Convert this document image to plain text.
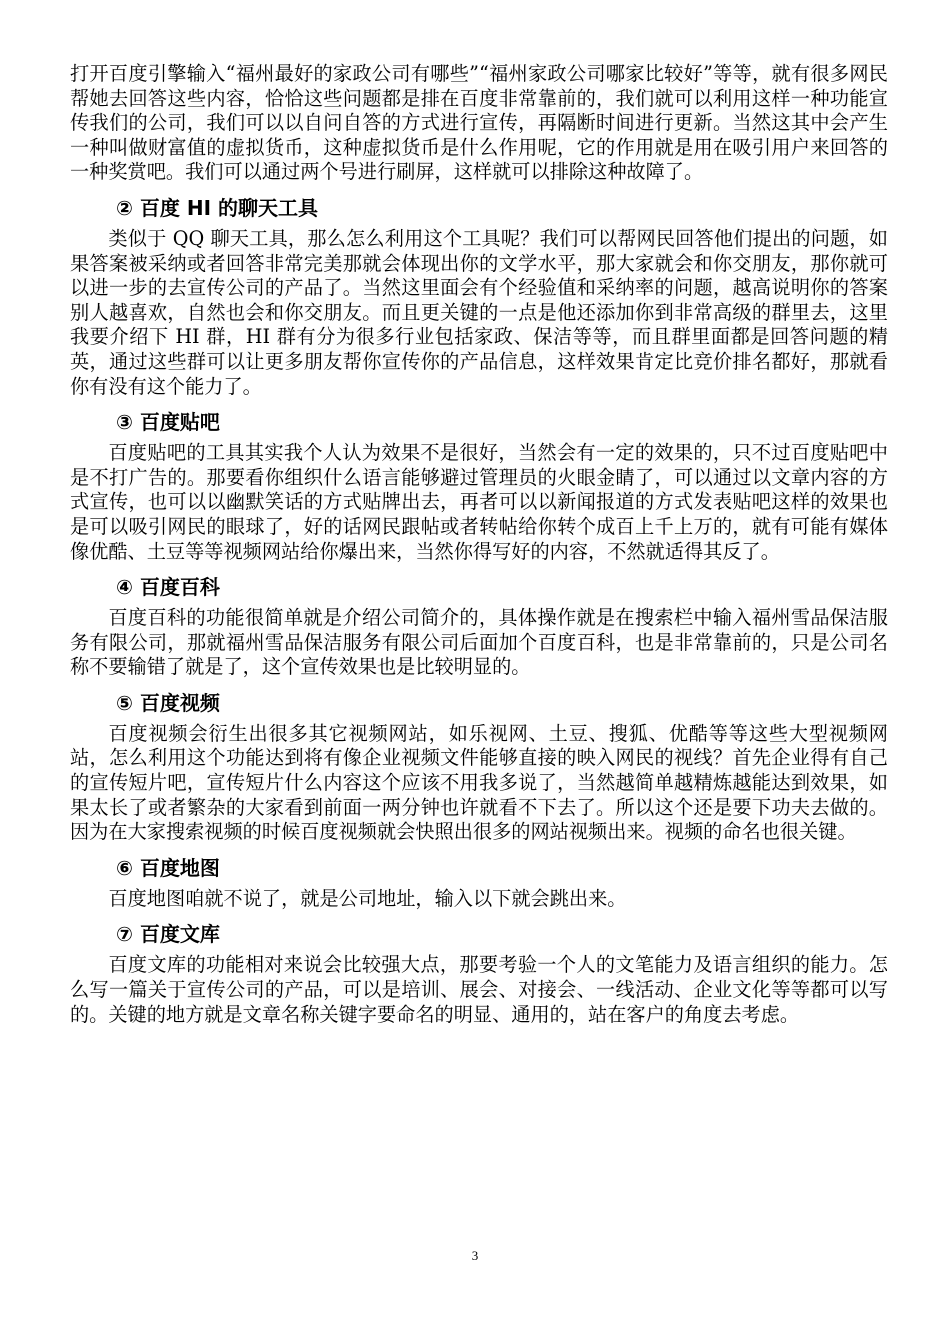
打开百度引擎输入“福州最好的家政公司有哪些”“福州家政公司哪家比较好”等等，就有很多网民帮她去回答这些内容，恰恰这些问题都是排在百度非常靠前的，我们就可以利用这样一种功能宣传我们的公司，我们可以以自问自答的方式进行宣传，再隔断时间进行更新。当然这其中会产生一种叫做财富值的虚拟货币，这种虚拟货币是什么作用呢，它的作用就是用在吸引用户来回答的一种奖赏吧。我们可以通过两个号进行刷屏，这样就可以排除这种故障了。

② 百度 HI 的聊天工具

类似于 QQ 聊天工具，那么怎么利用这个工具呢？我们可以帮网民回答他们提出的问题，如果答案被采纳或者回答非常完美那就会体现出你的文学水平，那大家就会和你交朋友，那你就可以进一步的去宣传公司的产品了。当然这里面会有个经验值和采纳率的问题，越高说明你的答案别人越喜欢，自然也会和你交朋友。而且更关键的一点是他还添加你到非常高级的群里去，这里我要介绍下 HI 群，HI 群有分为很多行业包括家政、保洁等等，而且群里面都是回答问题的精英，通过这些群可以让更多朋友帮你宣传你的产品信息，这样效果肯定比竞价排名都好，那就看你有没有这个能力了。

③ 百度贴吧

百度贴吧的工具其实我个人认为效果不是很好，当然会有一定的效果的，只不过百度贴吧中是不打广告的。那要看你组织什么语言能够避过管理员的火眼金睛了，可以通过以文章内容的方式宣传，也可以以幽默笑话的方式贴牌出去，再者可以以新闻报道的方式发表贴吧这样的效果也是可以吸引网民的眼球了，好的话网民跟帖或者转帖给你转个成百上千上万的，就有可能有媒体像优酷、土豆等等视频网站给你爆出来，当然你得写好的内容，不然就适得其反了。

④ 百度百科

百度百科的功能很简单就是介绍公司简介的，具体操作就是在搜索栏中输入福州雪品保洁服务有限公司，那就福州雪品保洁服务有限公司后面加个百度百科，也是非常靠前的，只是公司名称不要输错了就是了，这个宣传效果也是比较明显的。

⑤ 百度视频

百度视频会衍生出很多其它视频网站，如乐视网、土豆、搜狐、优酷等等这些大型视频网站，怎么利用这个功能达到将有像企业视频文件能够直接的映入网民的视线？首先企业得有自己的宣传短片吧，宣传短片什么内容这个应该不用我多说了，当然越简单越精炼越能达到效果，如果太长了或者繁杂的大家看到前面一两分钟也许就看不下去了。所以这个还是要下功夫去做的。因为在大家搜索视频的时候百度视频就会快照出很多的网站视频出来。视频的命名也很关键。

⑥ 百度地图

百度地图咱就不说了，就是公司地址，输入以下就会跳出来。

⑦ 百度文库

百度文库的功能相对来说会比较强大点，那要考验一个人的文笔能力及语言组织的能力。怎么写一篇关于宣传公司的产品，可以是培训、展会、对接会、一线活动、企业文化等等都可以写的。关键的地方就是文章名称关键字要命名的明显、通用的，站在客户的角度去考虑。

3
